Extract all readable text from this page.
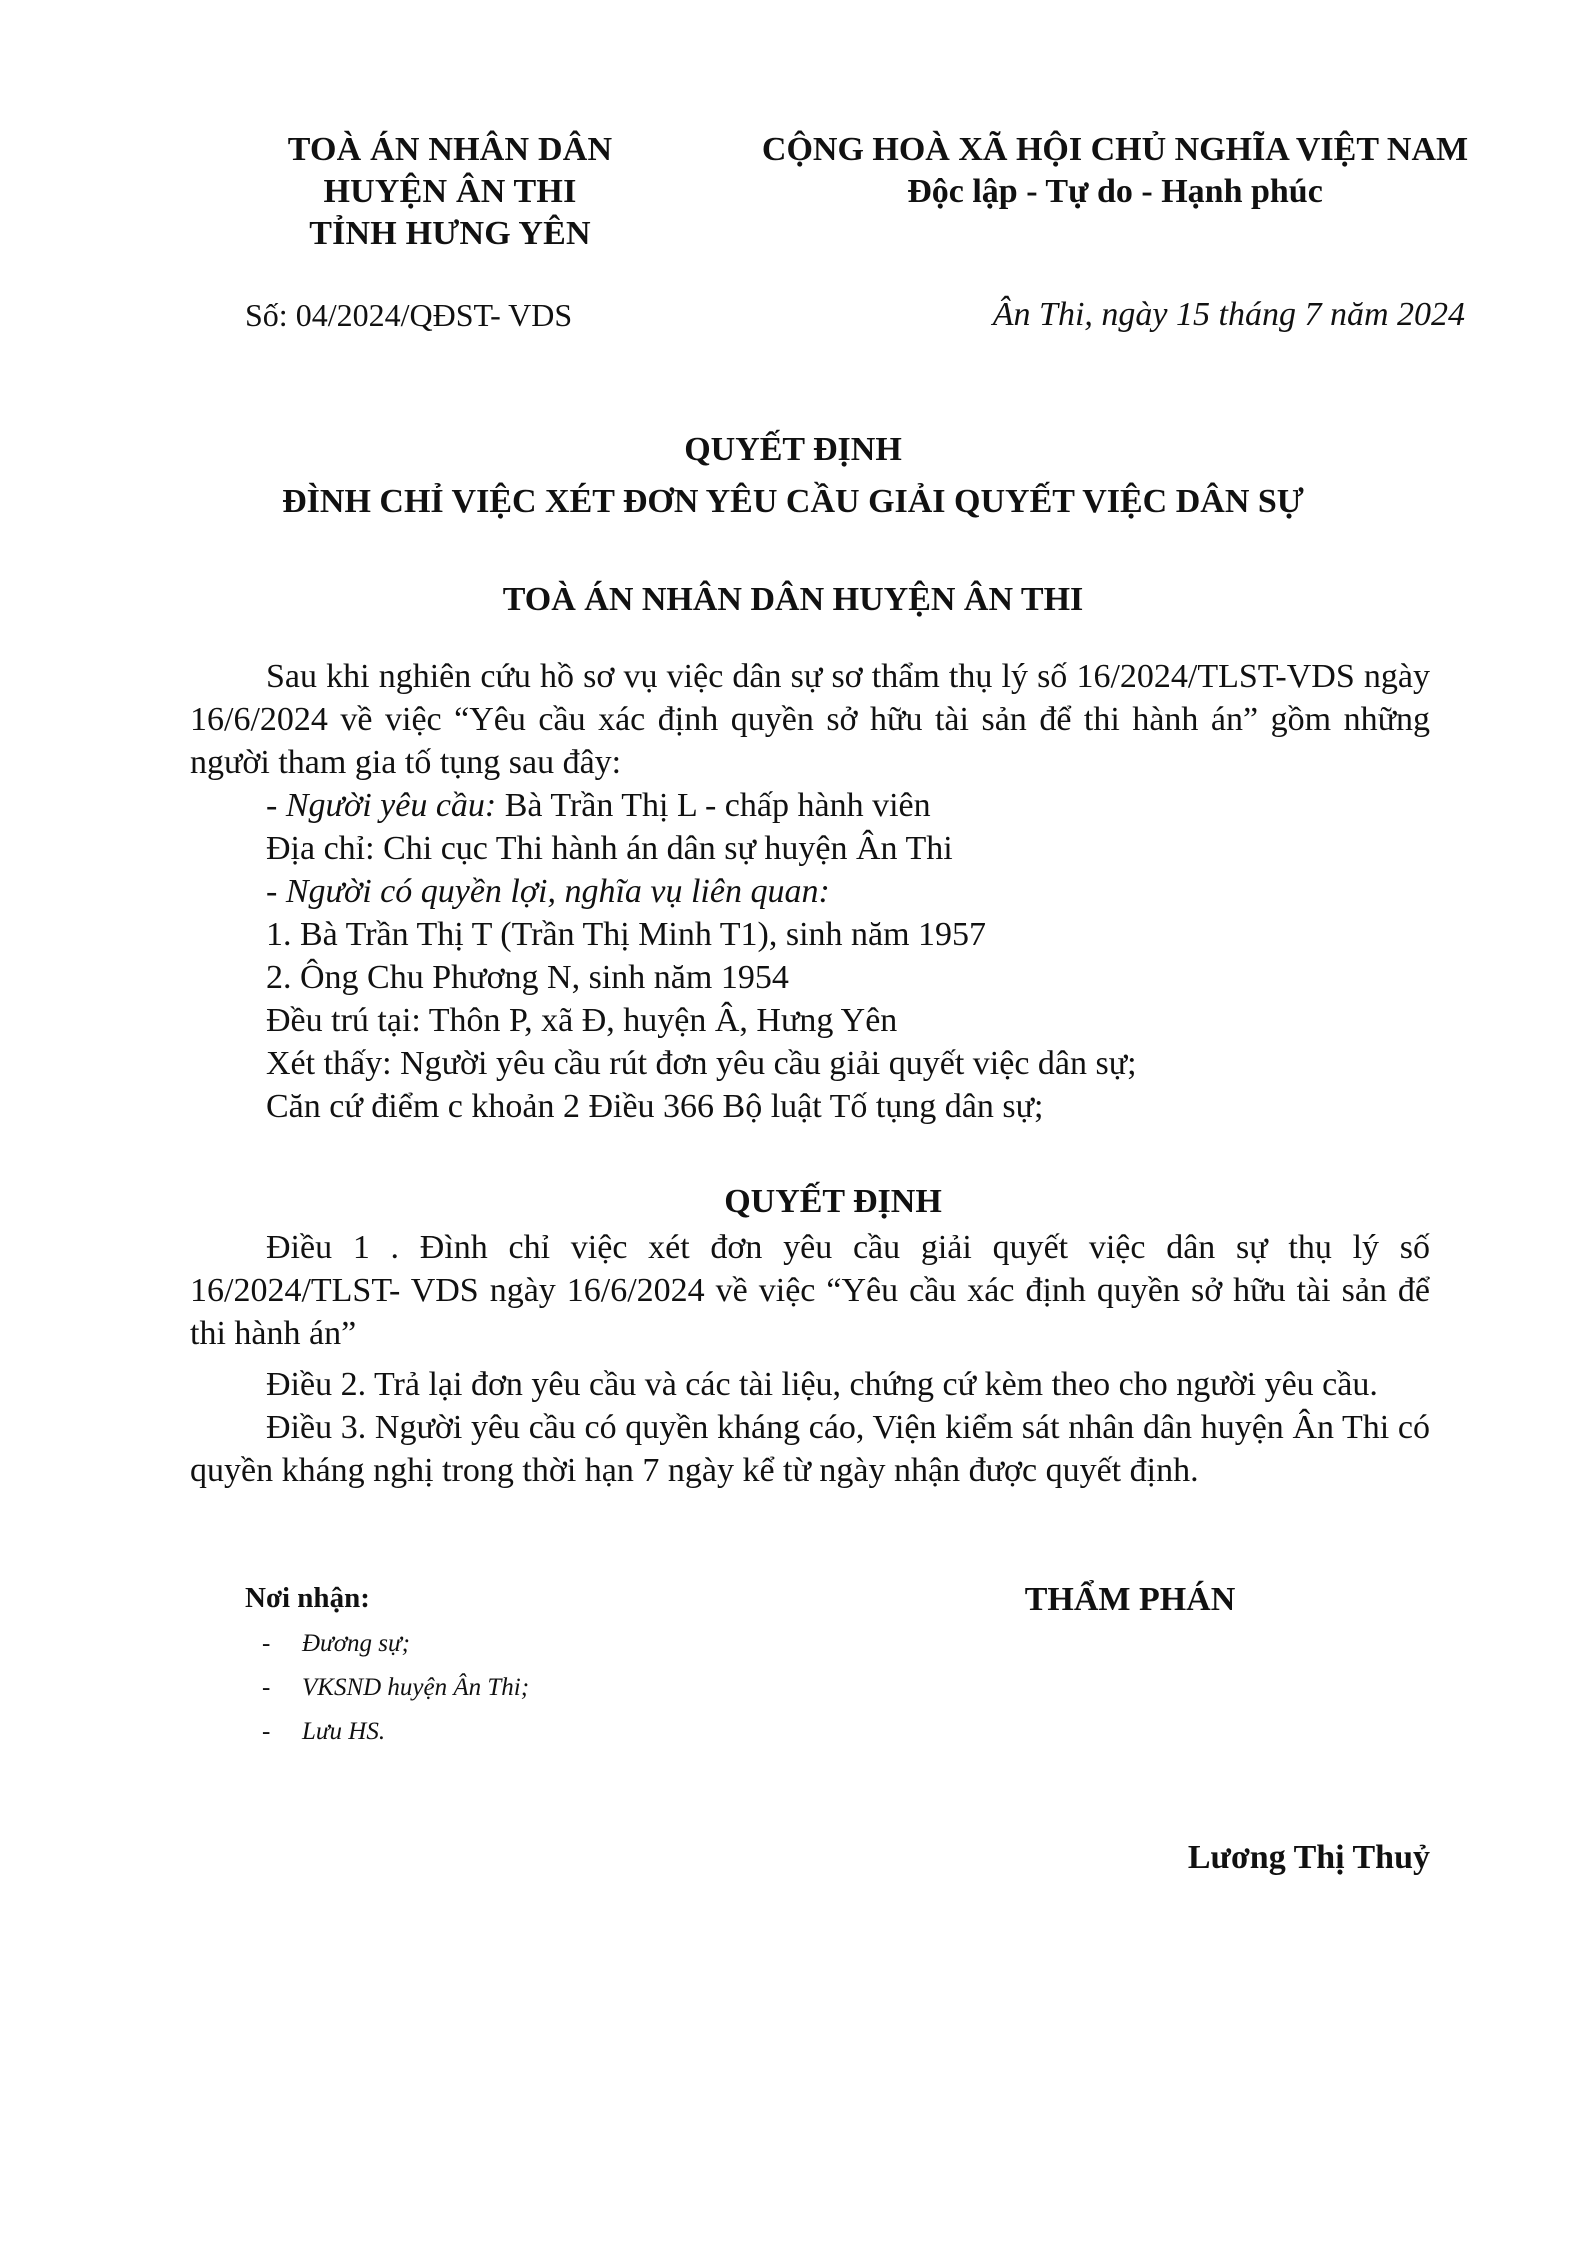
TOÀ ÁN NHÂN DÂN
HUYỆN ÂN THI
TỈNH HƯNG YÊN
CỘNG HOÀ XÃ HỘI CHỦ NGHĨA VIỆT NAM
Độc lập - Tự do - Hạnh phúc
Số: 04/2024/QĐST- VDS	Ân Thi, ngày 15 tháng 7 năm 2024
QUYẾT ĐỊNH
ĐÌNH CHỈ VIỆC XÉT ĐƠN YÊU CẦU GIẢI QUYẾT VIỆC DÂN SỰ
TOÀ ÁN NHÂN DÂN HUYỆN ÂN THI

Sau khi nghiên cứu hồ sơ vụ việc dân sự sơ thẩm thụ lý số 16/2024/TLST-VDS ngày 16/6/2024 về việc “Yêu cầu xác định quyền sở hữu tài sản để thi hành án” gồm những người tham gia tố tụng sau đây:

- Người yêu cầu: Bà Trần Thị L - chấp hành viên

Địa chỉ: Chi cục Thi hành án dân sự huyện Ân Thi

- Người có quyền lợi, nghĩa vụ liên quan:

1. Bà Trần Thị T (Trần Thị Minh T1), sinh năm 1957

2. Ông Chu Phương N, sinh năm 1954

Đều trú tại: Thôn P, xã Đ, huyện Â, Hưng Yên

Xét thấy: Người yêu cầu rút đơn yêu cầu giải quyết việc dân sự;

Căn cứ điểm c khoản 2 Điều 366 Bộ luật Tố tụng dân sự;

QUYẾT ĐỊNH

Điều 1 . Đình chỉ việc xét đơn yêu cầu giải quyết việc dân sự thụ lý số 16/2024/TLST- VDS ngày 16/6/2024 về việc “Yêu cầu xác định quyền sở hữu tài sản để thi hành án”

Điều 2. Trả lại đơn yêu cầu và các tài liệu, chứng cứ kèm theo cho người yêu cầu.

Điều 3. Người yêu cầu có quyền kháng cáo, Viện kiểm sát nhân dân huyện Ân Thi có quyền kháng nghị trong thời hạn 7 ngày kể từ ngày nhận được quyết định.

Nơi nhận:
- Đương sự;
- VKSND huyện Ân Thi;
- Lưu HS.
THẨM PHÁN
Lương Thị Thuỷ
